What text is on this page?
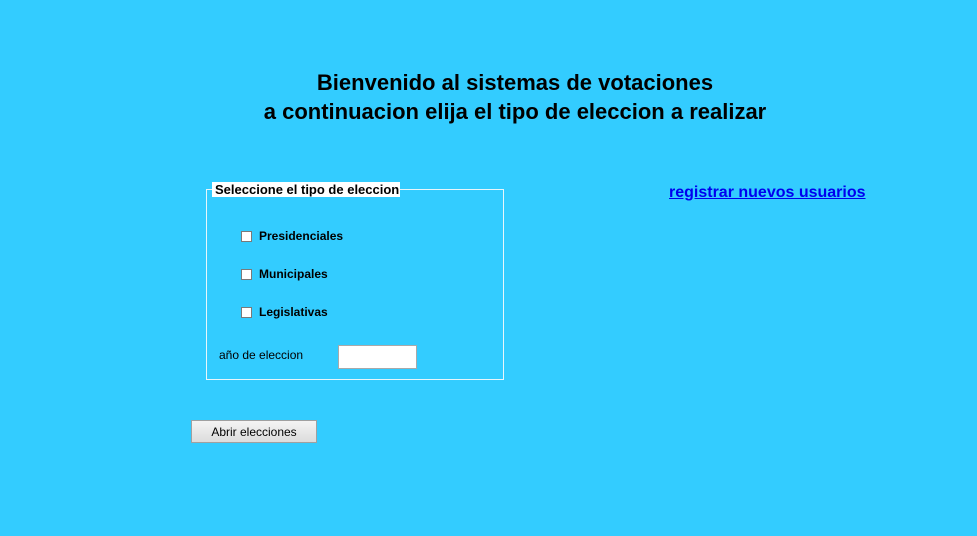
Bienvenido al sistemas de votaciones
a continuacion elija el tipo de eleccion a realizar
Seleccione el tipo de eleccion
Presidenciales
Municipales
Legislativas
año de eleccion
Abrir elecciones
registrar nuevos usuarios
